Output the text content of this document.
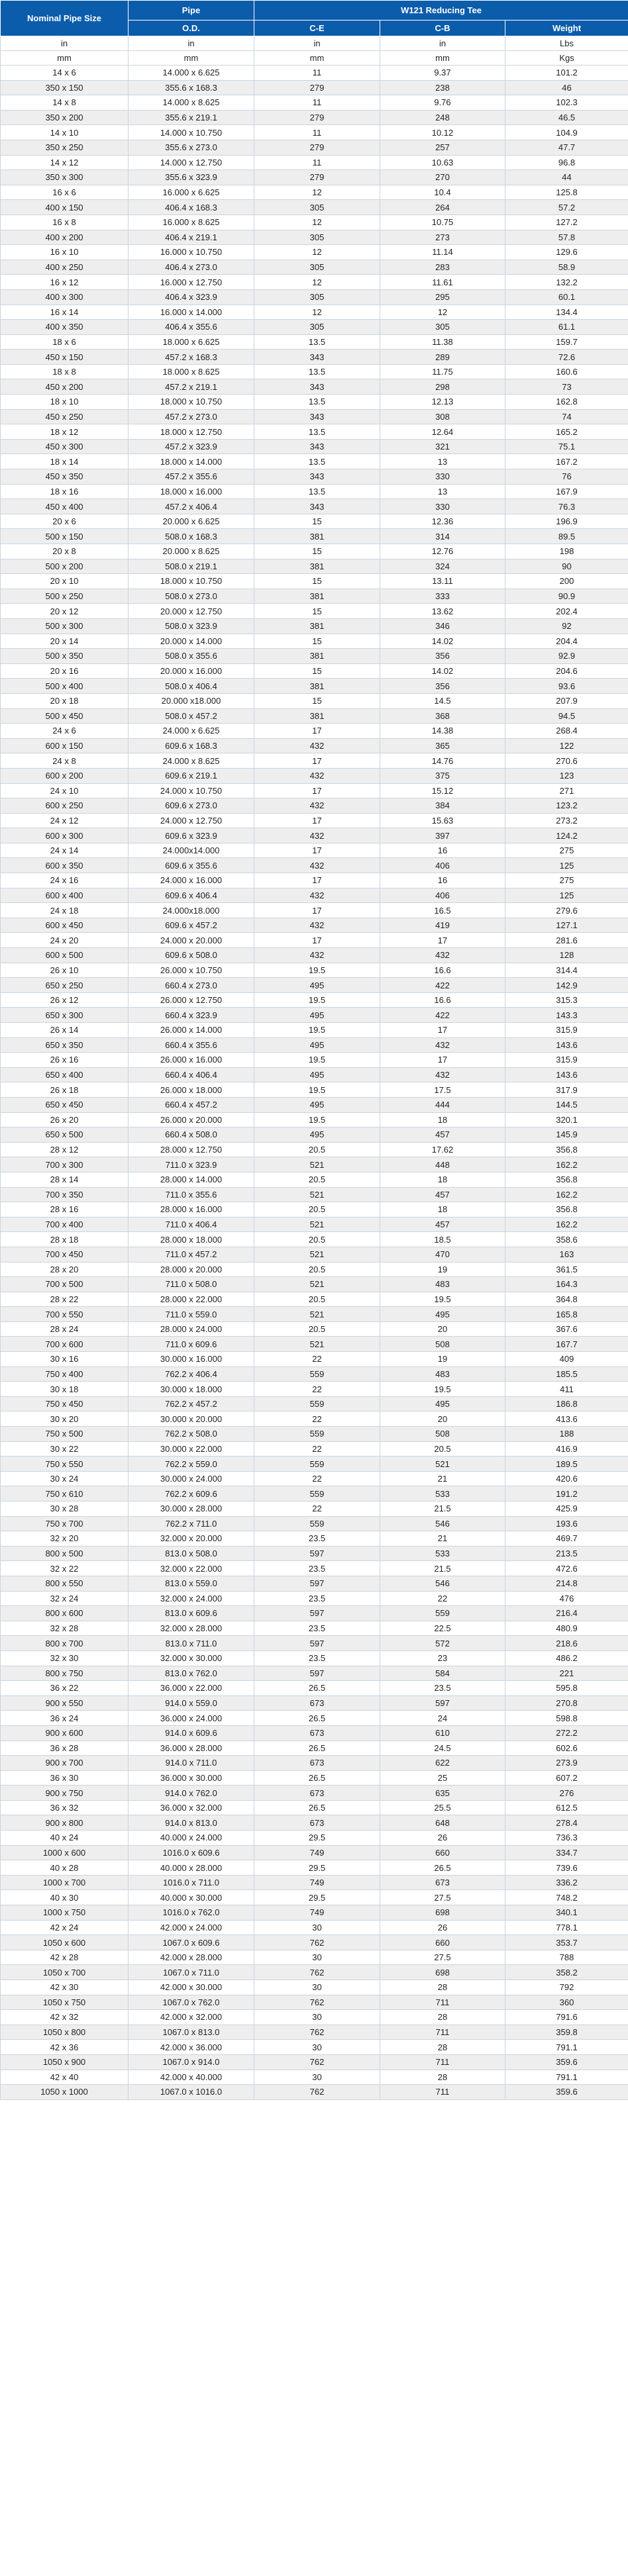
Nominal Pipe Size	Pipe	W121 Reducing Tee		
	O.D.	C-E	C-B	Weight
in	in	in	in	Lbs
mm	mm	mm	mm	Kgs
14 x 6	14.000 x 6.625	11	9.37	101.2
350 x 150	355.6 x 168.3	279	238	46
14 x 8	14.000 x 8.625	11	9.76	102.3
350 x 200	355.6 x 219.1	279	248	46.5
14 x 10	14.000 x 10.750	11	10.12	104.9
350 x 250	355.6 x 273.0	279	257	47.7
14 x 12	14.000 x 12.750	11	10.63	96.8
350 x 300	355.6 x 323.9	279	270	44
16 x 6	16.000 x 6.625	12	10.4	125.8
400 x 150	406.4 x 168.3	305	264	57.2
16 x 8	16.000 x 8.625	12	10.75	127.2
400 x 200	406.4 x 219.1	305	273	57.8
16 x 10	16.000 x 10.750	12	11.14	129.6
400 x 250	406.4 x 273.0	305	283	58.9
16 x 12	16.000 x 12.750	12	11.61	132.2
400 x 300	406.4 x 323.9	305	295	60.1
16 x 14	16.000 x 14.000	12	12	134.4
400 x 350	406.4 x 355.6	305	305	61.1
18 x 6	18.000 x 6.625	13.5	11.38	159.7
450 x 150	457.2 x 168.3	343	289	72.6
18 x 8	18.000 x 8.625	13.5	11.75	160.6
450 x 200	457.2 x 219.1	343	298	73
18 x 10	18.000 x 10.750	13.5	12.13	162.8
450 x 250	457.2 x 273.0	343	308	74
18 x 12	18.000 x 12.750	13.5	12.64	165.2
450 x 300	457.2 x 323.9	343	321	75.1
18 x 14	18.000 x 14.000	13.5	13	167.2
450 x 350	457.2 x 355.6	343	330	76
18 x 16	18.000 x 16.000	13.5	13	167.9
450 x 400	457.2 x 406.4	343	330	76.3
20 x 6	20.000 x 6.625	15	12.36	196.9
500 x 150	508.0 x 168.3	381	314	89.5
20 x 8	20.000 x 8.625	15	12.76	198
500 x 200	508.0 x 219.1	381	324	90
20 x 10	18.000 x 10.750	15	13.11	200
500 x 250	508.0 x 273.0	381	333	90.9
20 x 12	20.000 x 12.750	15	13.62	202.4
500 x 300	508.0 x 323.9	381	346	92
20 x 14	20.000 x 14.000	15	14.02	204.4
500 x 350	508.0 x 355.6	381	356	92.9
20 x 16	20.000 x 16.000	15	14.02	204.6
500 x 400	508.0 x 406.4	381	356	93.6
20 x 18	20.000 x18.000	15	14.5	207.9
500 x 450	508.0 x 457.2	381	368	94.5
24 x 6	24.000 x 6.625	17	14.38	268.4
600 x 150	609.6 x 168.3	432	365	122
24 x 8	24.000 x 8.625	17	14.76	270.6
600 x 200	609.6 x 219.1	432	375	123
24 x 10	24.000 x 10.750	17	15.12	271
600 x 250	609.6 x 273.0	432	384	123.2
24 x 12	24.000 x 12.750	17	15.63	273.2
600 x 300	609.6 x 323.9	432	397	124.2
24 x 14	24.000x14.000	17	16	275
600 x 350	609.6 x 355.6	432	406	125
24 x 16	24.000 x 16.000	17	16	275
600 x 400	609.6 x 406.4	432	406	125
24 x 18	24.000x18.000	17	16.5	279.6
600 x 450	609.6 x 457.2	432	419	127.1
24 x 20	24.000 x 20.000	17	17	281.6
600 x 500	609.6 x 508.0	432	432	128
26 x 10	26.000 x 10.750	19.5	16.6	314.4
650 x 250	660.4 x 273.0	495	422	142.9
26 x 12	26.000 x 12.750	19.5	16.6	315.3
650 x 300	660.4 x 323.9	495	422	143.3
26 x 14	26.000 x 14.000	19.5	17	315.9
650 x 350	660.4 x 355.6	495	432	143.6
26 x 16	26.000 x 16.000	19.5	17	315.9
650 x 400	660.4 x 406.4	495	432	143.6
26 x 18	26.000 x 18.000	19.5	17.5	317.9
650 x 450	660.4 x 457.2	495	444	144.5
26 x 20	26.000 x 20.000	19.5	18	320.1
650 x 500	660.4 x 508.0	495	457	145.9
28 x 12	28.000 x 12.750	20.5	17.62	356.8
700 x 300	711.0 x 323.9	521	448	162.2
28 x 14	28.000 x 14.000	20.5	18	356.8
700 x 350	711.0 x 355.6	521	457	162.2
28 x 16	28.000 x 16.000	20.5	18	356.8
700 x 400	711.0 x 406.4	521	457	162.2
28 x 18	28.000 x 18.000	20.5	18.5	358.6
700 x 450	711.0 x 457.2	521	470	163
28 x 20	28.000 x 20.000	20.5	19	361.5
700 x 500	711.0 x 508.0	521	483	164.3
28 x 22	28.000 x 22.000	20.5	19.5	364.8
700 x 550	711.0 x 559.0	521	495	165.8
28 x 24	28.000 x 24.000	20.5	20	367.6
700 x 600	711.0 x 609.6	521	508	167.7
30 x 16	30.000 x 16.000	22	19	409
750 x 400	762.2 x 406.4	559	483	185.5
30 x 18	30.000 x 18.000	22	19.5	411
750 x 450	762.2 x 457.2	559	495	186.8
30 x 20	30.000 x 20.000	22	20	413.6
750 x 500	762.2 x 508.0	559	508	188
30 x 22	30.000 x 22.000	22	20.5	416.9
750 x 550	762.2 x 559.0	559	521	189.5
30 x 24	30.000 x 24.000	22	21	420.6
750 x 610	762.2 x 609.6	559	533	191.2
30 x 28	30.000 x 28.000	22	21.5	425.9
750 x 700	762.2 x 711.0	559	546	193.6
32 x 20	32.000 x 20.000	23.5	21	469.7
800 x 500	813.0 x 508.0	597	533	213.5
32 x 22	32.000 x 22.000	23.5	21.5	472.6
800 x 550	813.0 x 559.0	597	546	214.8
32 x 24	32.000 x 24.000	23.5	22	476
800 x 600	813.0 x 609.6	597	559	216.4
32 x 28	32.000 x 28.000	23.5	22.5	480.9
800 x 700	813.0 x 711.0	597	572	218.6
32 x 30	32.000 x 30.000	23.5	23	486.2
800 x 750	813.0 x 762.0	597	584	221
36 x 22	36.000 x 22.000	26.5	23.5	595.8
900 x 550	914.0 x 559.0	673	597	270.8
36 x 24	36.000 x 24.000	26.5	24	598.8
900 x 600	914.0 x 609.6	673	610	272.2
36 x 28	36.000 x 28.000	26.5	24.5	602.6
900 x 700	914.0 x 711.0	673	622	273.9
36 x 30	36.000 x 30.000	26.5	25	607.2
900 x 750	914.0 x 762.0	673	635	276
36 x 32	36.000 x 32.000	26.5	25.5	612.5
900 x 800	914.0 x 813.0	673	648	278.4
40 x 24	40.000 x 24.000	29.5	26	736.3
1000 x 600	1016.0 x 609.6	749	660	334.7
40 x 28	40.000 x 28.000	29.5	26.5	739.6
1000 x 700	1016.0 x 711.0	749	673	336.2
40 x 30	40.000 x 30.000	29.5	27.5	748.2
1000 x 750	1016.0 x 762.0	749	698	340.1
42 x 24	42.000 x 24.000	30	26	778.1
1050 x 600	1067.0 x 609.6	762	660	353.7
42 x 28	42.000 x 28.000	30	27.5	788
1050 x 700	1067.0 x 711.0	762	698	358.2
42 x 30	42.000 x 30.000	30	28	792
1050 x 750	1067.0 x 762.0	762	711	360
42 x 32	42.000 x 32.000	30	28	791.6
1050 x 800	1067.0 x 813.0	762	711	359.8
42 x 36	42.000 x 36.000	30	28	791.1
1050 x 900	1067.0 x 914.0	762	711	359.6
42 x 40	42.000 x 40.000	30	28	791.1
1050 x 1000	1067.0 x 1016.0	762	711	359.6
